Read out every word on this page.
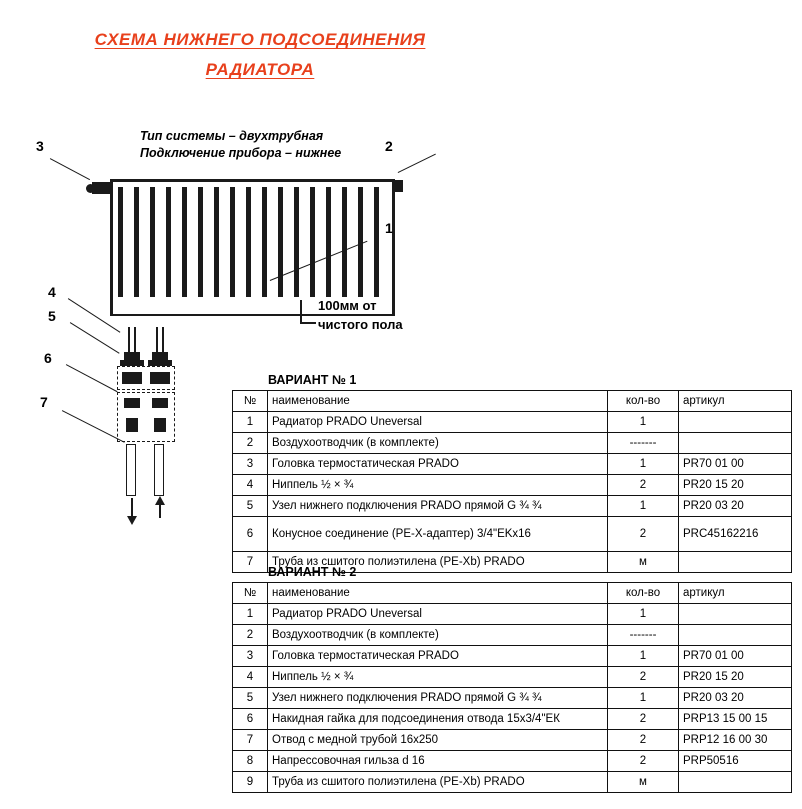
СХЕМА НИЖНЕГО ПОДСОЕДИНЕНИЯ
РАДИАТОРА
Тип системы – двухтрубная
Подключение прибора – нижнее
1
2
3
100мм от
чистого пола
4
5
6
7
ВАРИАНТ № 1
№	наименование	кол-во	артикул
1	Радиатор PRADO Uneversal	1	
2	Воздухоотводчик (в комплекте)	-------	
3	Головка термостатическая PRADO	1	PR70 01 00
4	Ниппель ½ × ¾	2	PR20 15 20
5	Узел нижнего подключения PRADO прямой G ¾ ¾	1	PR20 03 20
6	Конусное соединение (PE-X-адаптер) 3/4"EKx16	2	PRC45162216
7	Труба из сшитого полиэтилена (PE-Xb) PRADO	м	
ВАРИАНТ № 2
№	наименование	кол-во	артикул
1	Радиатор PRADO Uneversal	1	
2	Воздухоотводчик (в комплекте)	-------	
3	Головка термостатическая PRADO	1	PR70 01 00
4	Ниппель ½ × ¾	2	PR20 15 20
5	Узел нижнего подключения PRADO прямой G ¾ ¾	1	PR20 03 20
6	Накидная гайка для подсоединения отвода 15х3/4"ЕК	2	PRP13 15 00 15
7	Отвод с медной трубой 16х250	2	PRP12 16 00 30
8	Напрессовочная гильза d 16	2	PRP50516
9	Труба из сшитого полиэтилена (PE-Xb) PRADO	м	
